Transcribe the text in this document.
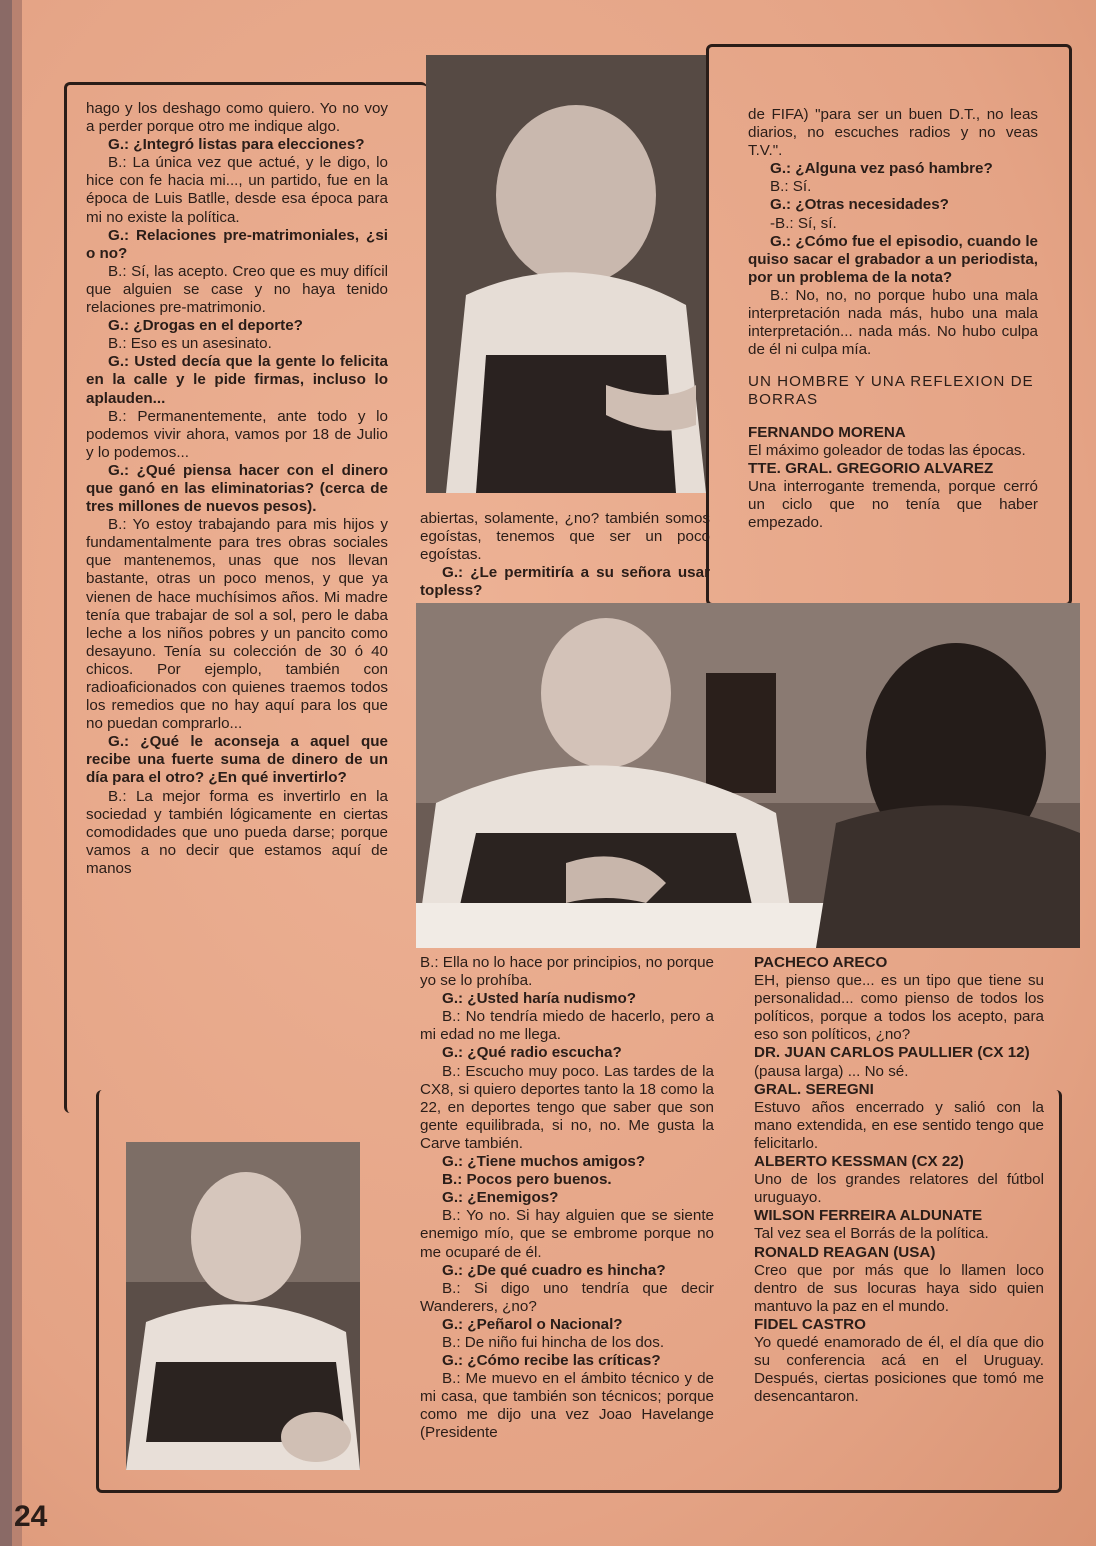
hago y los deshago como quiero. Yo no voy a perder porque otro me indique algo.

G.: ¿Integró listas para elecciones?

B.: La única vez que actué, y le digo, lo hice con fe hacia mi..., un partido, fue en la época de Luis Batlle, desde esa época para mi no existe la política.

G.: Relaciones pre-matrimoniales, ¿si o no?

B.: Sí, las acepto. Creo que es muy difícil que alguien se case y no haya tenido relaciones pre-matrimonio.

G.: ¿Drogas en el deporte?

B.: Eso es un asesinato.

G.: Usted decía que la gente lo felicita en la calle y le pide firmas, incluso lo aplauden...

B.: Permanentemente, ante todo y lo podemos vivir ahora, vamos por 18 de Julio y lo podemos...

G.: ¿Qué piensa hacer con el dinero que ganó en las eliminatorias? (cerca de tres millones de nuevos pesos).

B.: Yo estoy trabajando para mis hijos y fundamentalmente para tres obras sociales que mantenemos, unas que nos llevan bastante, otras un poco menos, y que ya vienen de hace muchísimos años. Mi madre tenía que trabajar de sol a sol, pero le daba leche a los niños pobres y un pancito como desayuno. Tenía su colección de 30 ó 40 chicos. Por ejemplo, también con radioaficionados con quienes traemos todos los remedios que no hay aquí para los que no puedan comprarlo...

G.: ¿Qué le aconseja a aquel que recibe una fuerte suma de dinero de un día para el otro? ¿En qué invertirlo?

B.: La mejor forma es invertirlo en la sociedad y también lógicamente en ciertas comodidades que uno pueda darse; porque vamos a no decir que estamos aquí de manos

abiertas, solamente, ¿no? también somos egoístas, tenemos que ser un poco egoístas.

G.: ¿Le permitiría a su señora usar topless?

de FIFA) "para ser un buen D.T., no leas diarios, no escuches radios y no veas T.V.".

G.: ¿Alguna vez pasó hambre?

B.: Sí.

G.: ¿Otras necesidades?

-B.: Sí, sí.

G.: ¿Cómo fue el episodio, cuando le quiso sacar el grabador a un periodista, por un problema de la nota?

B.: No, no, no porque hubo una mala interpretación nada más, hubo una mala interpretación... nada más. No hubo culpa de él ni culpa mía.

UN HOMBRE Y UNA REFLEXION DE BORRAS

FERNANDO MORENA

El máximo goleador de todas las épocas.

TTE. GRAL. GREGORIO ALVAREZ

Una interrogante tremenda, porque cerró un ciclo que no tenía que haber empezado.

B.: Ella no lo hace por principios, no porque yo se lo prohíba.

G.: ¿Usted haría nudismo?

B.: No tendría miedo de hacerlo, pero a mi edad no me llega.

G.: ¿Qué radio escucha?

B.: Escucho muy poco. Las tardes de la CX8, si quiero deportes tanto la 18 como la 22, en deportes tengo que saber que son gente equilibrada, si no, no. Me gusta la Carve también.

G.: ¿Tiene muchos amigos?

B.: Pocos pero buenos.

G.: ¿Enemigos?

B.: Yo no. Si hay alguien que se siente enemigo mío, que se embrome porque no me ocuparé de él.

G.: ¿De qué cuadro es hincha?

B.: Si digo uno tendría que decir Wanderers, ¿no?

G.: ¿Peñarol o Nacional?

B.: De niño fui hincha de los dos.

G.: ¿Cómo recibe las críticas?

B.: Me muevo en el ámbito técnico y de mi casa, que también son técnicos; porque como me dijo una vez Joao Havelange (Presidente

PACHECO ARECO

EH, pienso que... es un tipo que tiene su personalidad... como pienso de todos los políticos, porque a todos los acepto, para eso son políticos, ¿no?

DR. JUAN CARLOS PAULLIER (CX 12)

(pausa larga) ... No sé.

GRAL. SEREGNI

Estuvo años encerrado y salió con la mano extendida, en ese sentido tengo que felicitarlo.

ALBERTO KESSMAN (CX 22)

Uno de los grandes relatores del fútbol uruguayo.

WILSON FERREIRA ALDUNATE

Tal vez sea el Borrás de la política.

RONALD REAGAN (USA)

Creo que por más que lo llamen loco dentro de sus locuras haya sido quien mantuvo la paz en el mundo.

FIDEL CASTRO

Yo quedé enamorado de él, el día que dio su conferencia acá en el Uruguay. Después, ciertas posiciones que tomó me desencantaron.

24
